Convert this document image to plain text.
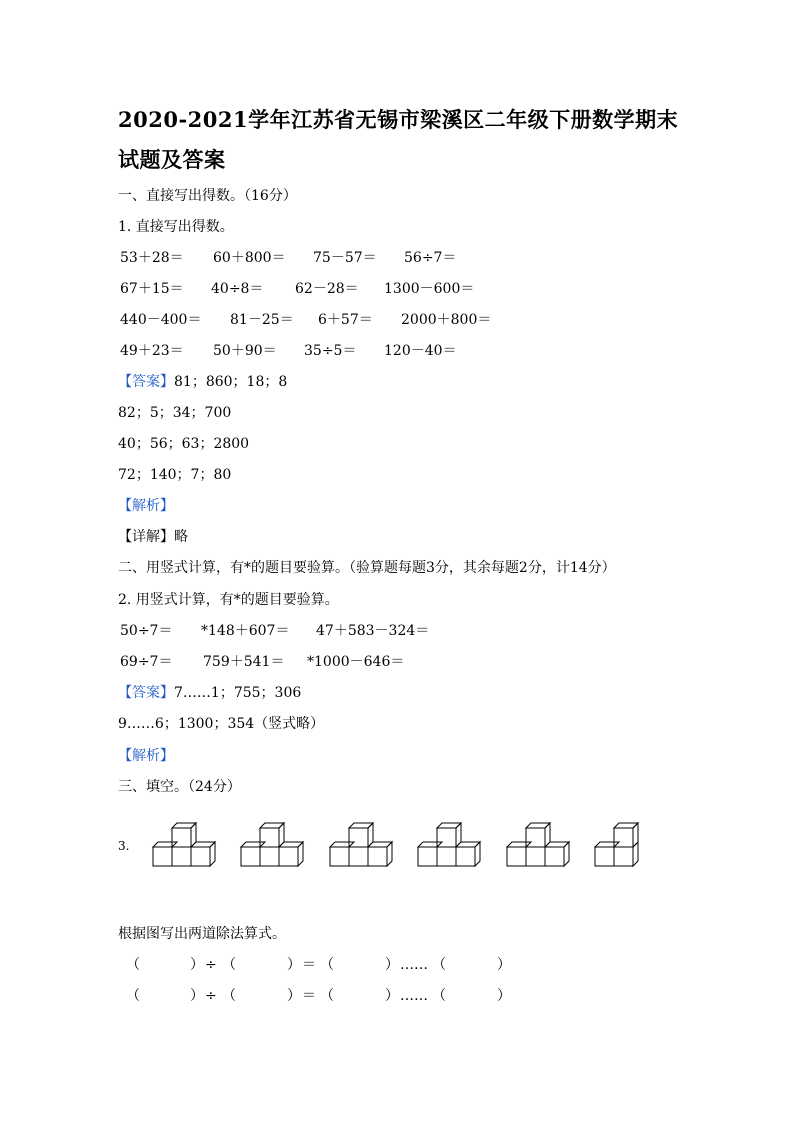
2020-2021学年江苏省无锡市梁溪区二年级下册数学期末试题及答案
一、直接写出得数。（16分）
1. 直接写出得数。
53＋28＝ 60＋800＝ 75－57＝ 56÷7＝
67＋15＝ 40÷8＝ 62－28＝ 1300－600＝
440－400＝ 81－25＝ 6＋57＝ 2000＋800＝
49＋23＝ 50＋90＝ 35÷5＝ 120－40＝
【答案】81；860；18；8
82；5；34；700
40；56；63；2800
72；140；7；80
【解析】
【详解】略
二、用竖式计算，有*的题目要验算。（验算题每题3分，其余每题2分，计14分）
2. 用竖式计算，有*的题目要验算。
50÷7＝ *148＋607＝ 47＋583－324＝
69÷7＝ 759＋541＝ *1000－646＝
【答案】7……1；755；306
9……6；1300；354（竖式略）
【解析】
三、填空。（24分）
3.
根据图写出两道除法算式。
（	） ÷ （	） ＝ （	） …… （	）
（	） ÷ （	） ＝ （	） …… （	）
